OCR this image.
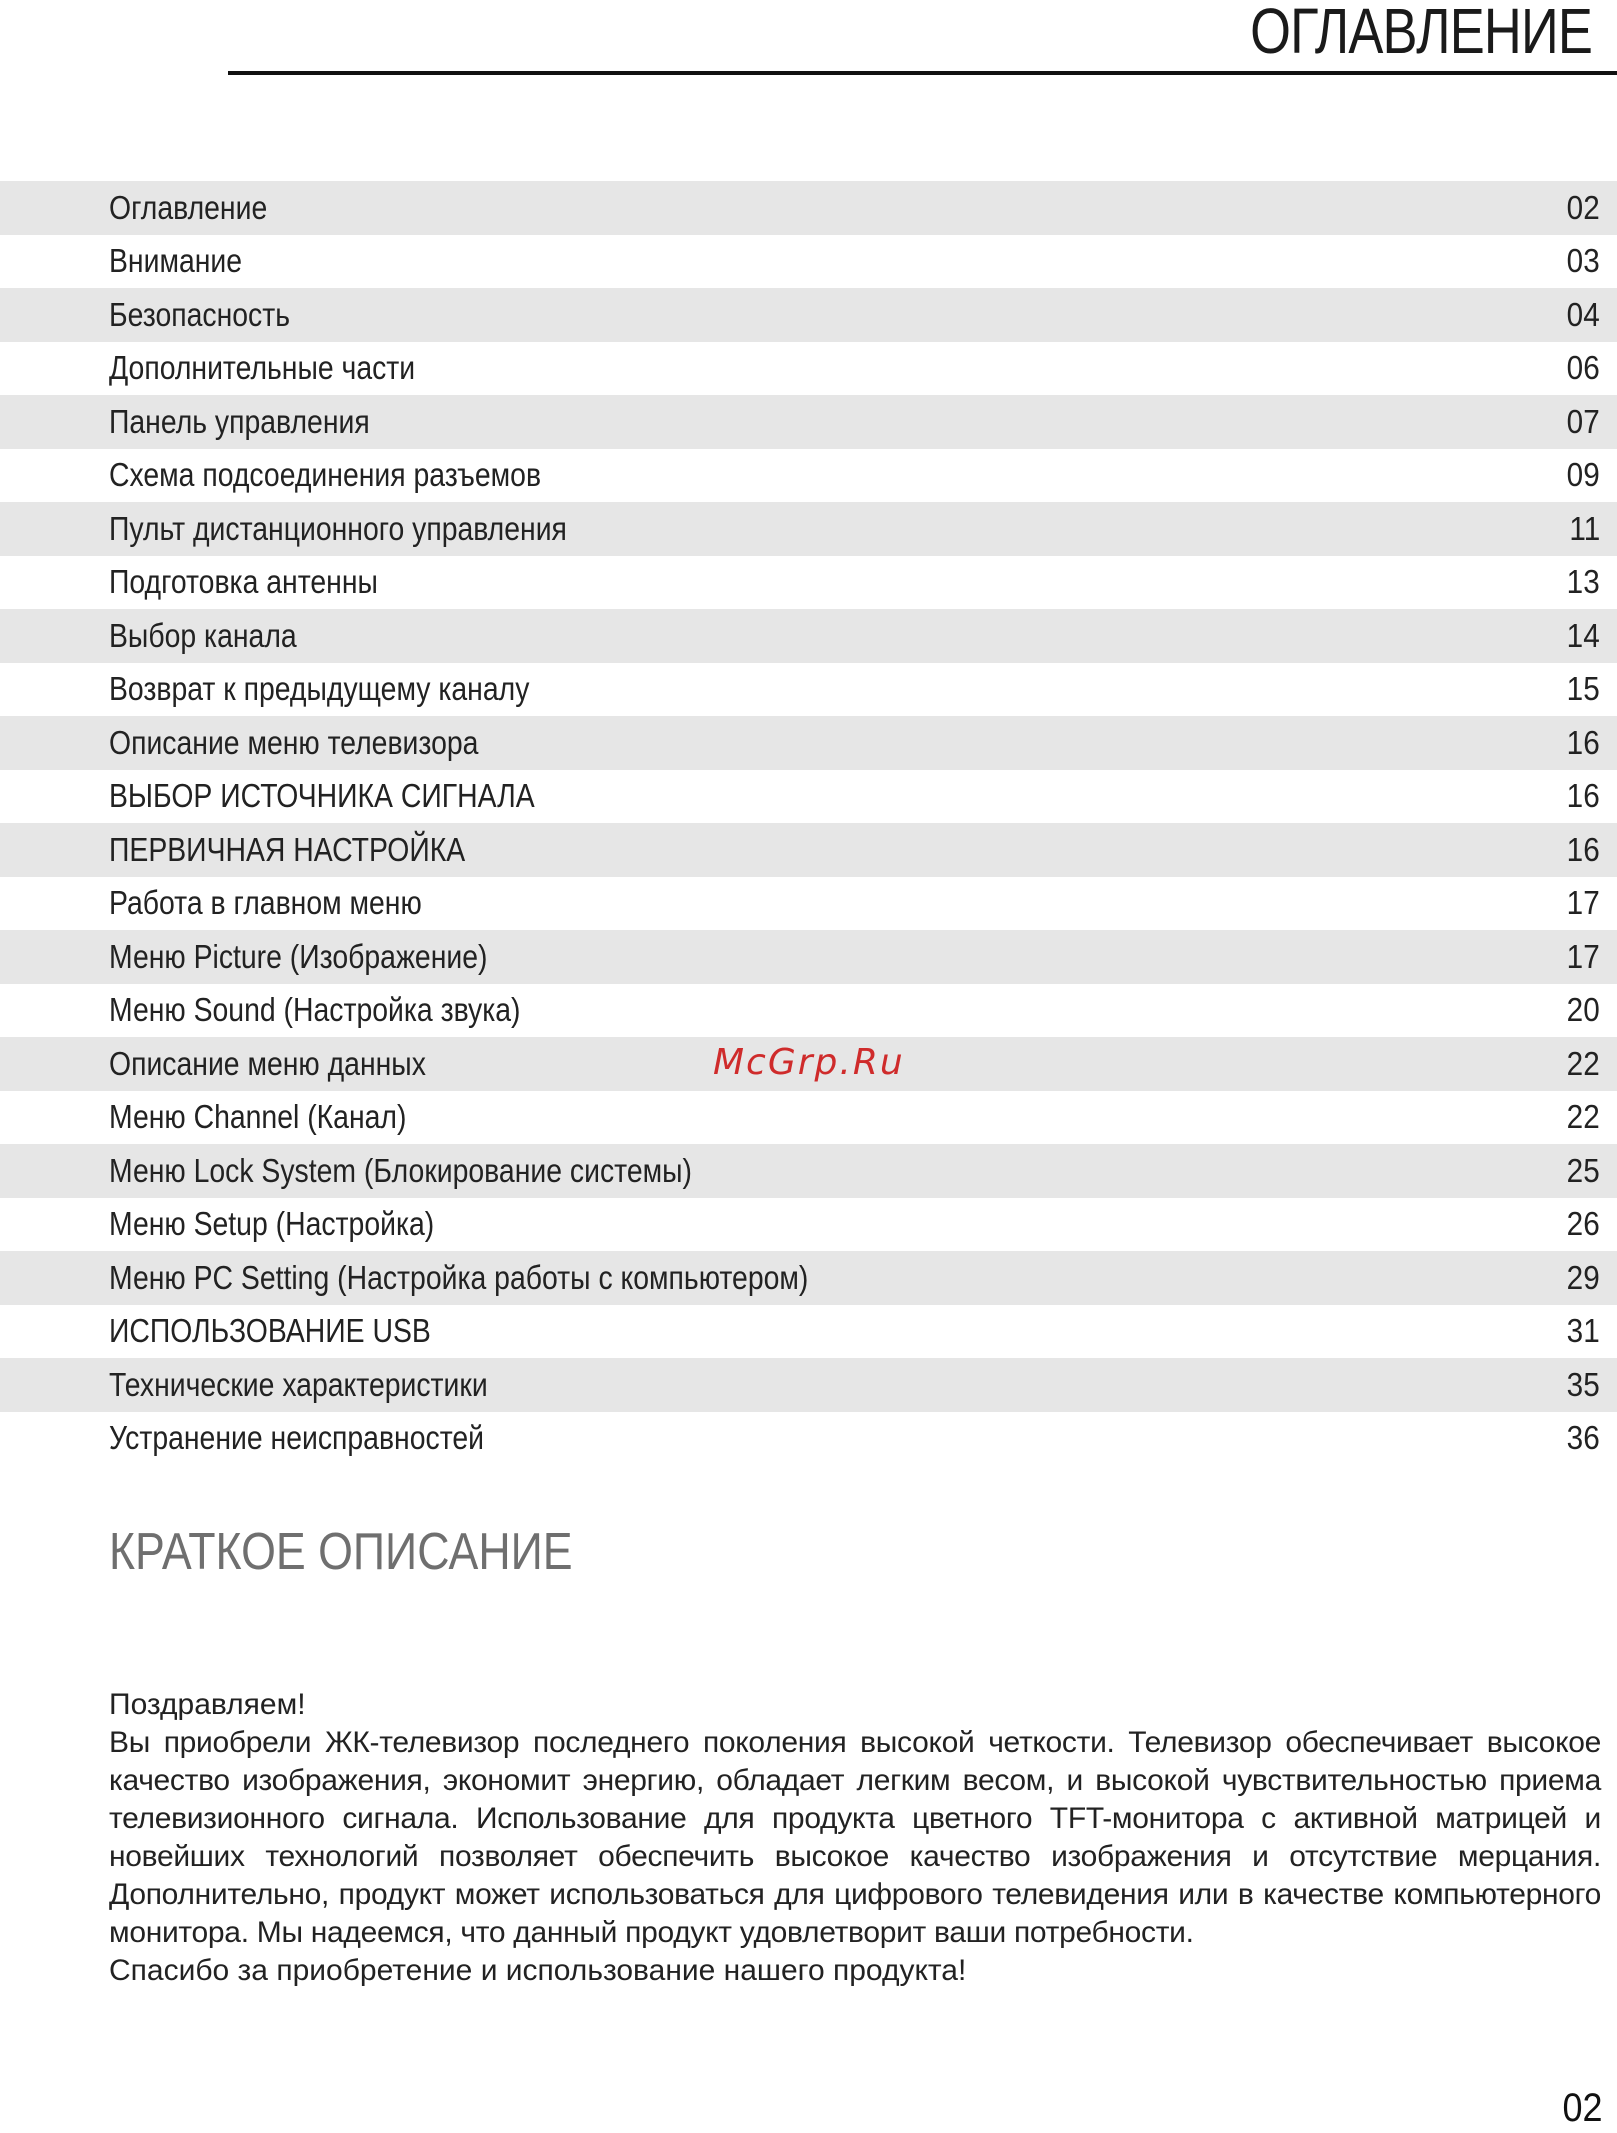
ОГЛАВЛЕНИЕ
Оглавление	02
Внимание	03
Безопасность	04
Дополнительные части	06
Панель управления	07
Схема подсоединения разъемов	09
Пульт дистанционного управления	11
Подготовка антенны	13
Выбор канала	14
Возврат к предыдущему каналу	15
Описание меню телевизора	16
ВЫБОР ИСТОЧНИКА СИГНАЛА	16
ПЕРВИЧНАЯ НАСТРОЙКА	16
Работа в главном меню	17
Меню Picture (Изображение)	17
Меню Sound (Настройка звука)	20
Описание меню данных	22
Меню Channel (Канал)	22
Меню Lock System (Блокирование системы)	25
Меню Setup (Настройка)	26
Меню PC Setting (Настройка работы с компьютером)	29
ИСПОЛЬЗОВАНИЕ USB	31
Технические характеристики	35
Устранение неисправностей	36
McGrp.Ru
КРАТКОЕ ОПИСАНИЕ

Поздравляем!

Вы приобрели ЖК-телевизор последнего поколения высокой четкости. Телевизор обеспечивает высокое качество изображения, экономит энергию, обладает легким весом, и высокой чувствительностью приема телевизионного сигнала. Использование для продукта цветного TFT-монитора с активной матрицей и новейших технологий позволяет обеспечить высокое качество изображения и отсутствие мерцания. Дополнительно, продукт может использоваться для цифрового телевидения или в качестве компьютерного монитора. Мы надеемся, что данный продукт удовлетворит ваши потребности.

Спасибо за приобретение и использование нашего продукта!

02
